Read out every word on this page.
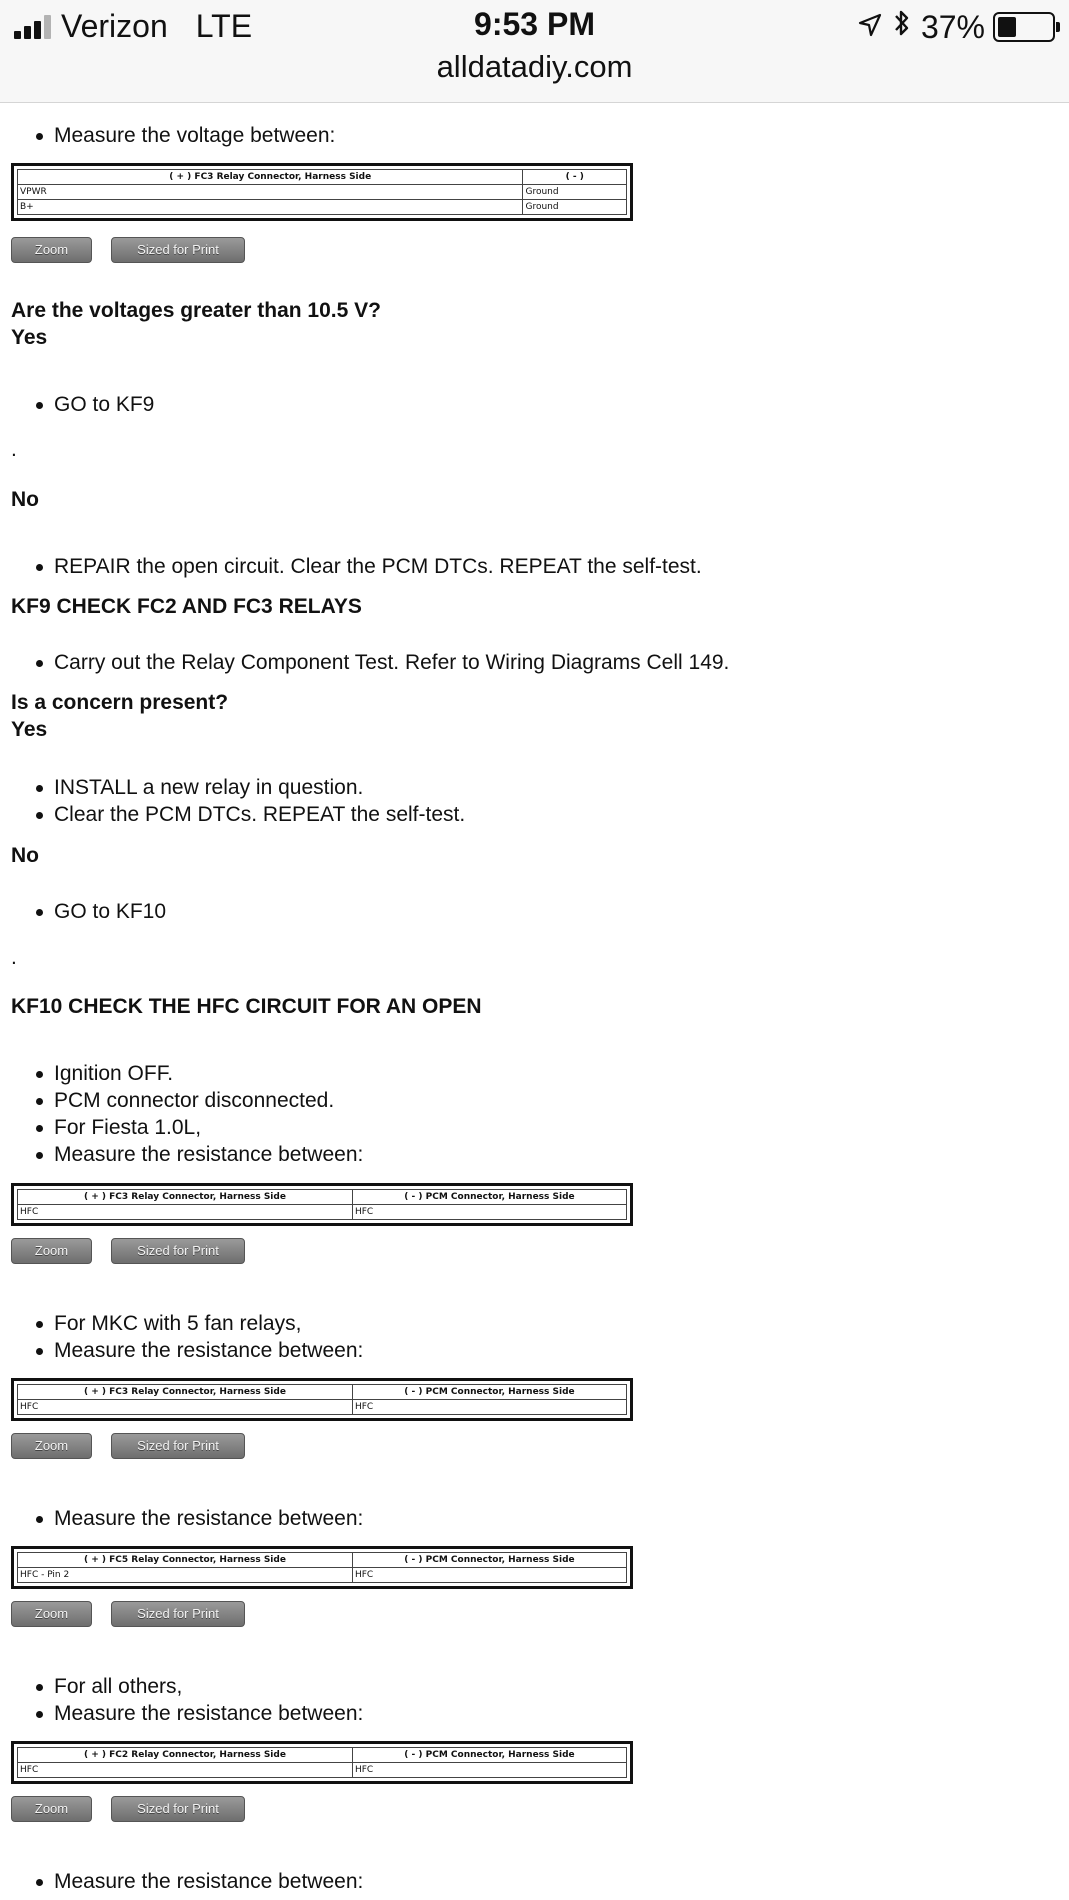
Verizon LTE	9:53 PM
alldatadiy.com
37%
Measure the voltage between:
( + ) FC3 Relay Connector, Harness Side	( - )
VPWR	Ground
B+	Ground
Zoom	Sized for Print
Are the voltages greater than 10.5 V?
Yes
GO to KF9
.
No
REPAIR the open circuit. Clear the PCM DTCs. REPEAT the self-test.
KF9 CHECK FC2 AND FC3 RELAYS
Carry out the Relay Component Test. Refer to Wiring Diagrams Cell 149.
Is a concern present?
Yes
INSTALL a new relay in question.
Clear the PCM DTCs. REPEAT the self-test.
No
GO to KF10
.
KF10 CHECK THE HFC CIRCUIT FOR AN OPEN
Ignition OFF.
PCM connector disconnected.
For Fiesta 1.0L,
Measure the resistance between:
( + ) FC3 Relay Connector, Harness Side	( - ) PCM Connector, Harness Side
HFC	HFC
Zoom	Sized for Print
For MKC with 5 fan relays,
Measure the resistance between:
( + ) FC3 Relay Connector, Harness Side	( - ) PCM Connector, Harness Side
HFC	HFC
Zoom	Sized for Print
Measure the resistance between:
( + ) FC5 Relay Connector, Harness Side	( - ) PCM Connector, Harness Side
HFC - Pin 2	HFC
Zoom	Sized for Print
For all others,
Measure the resistance between:
( + ) FC2 Relay Connector, Harness Side	( - ) PCM Connector, Harness Side
HFC	HFC
Zoom	Sized for Print
Measure the resistance between:
